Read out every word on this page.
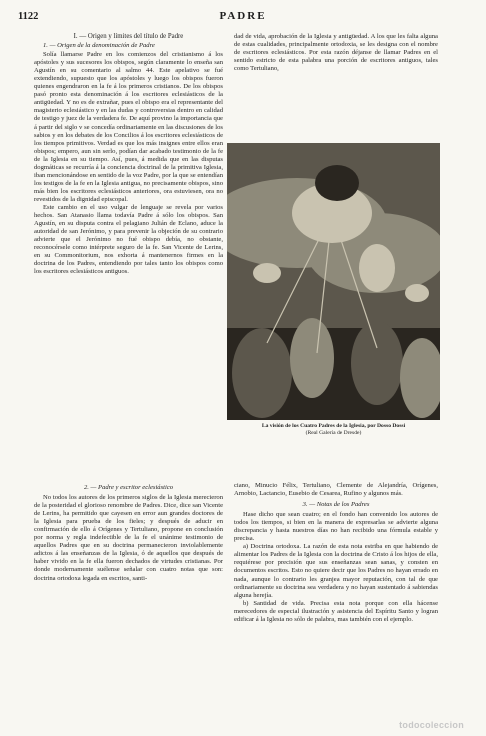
1122	PADRE
I. — Origen y límites del título de Padre
1. — Origen de la denominación de Padre

Solía llamarse Padre en los comienzos del cristianismo á los apóstoles y sus sucesores los obispos, según claramente lo enseña san Agustín en su comentario al salmo 44. Este apelativo se fué extendiendo, supuesto que los apóstoles y luego los obispos fueron quienes engendraron en la fe á los primeros cristianos. De los obispos pasó pronto esta denominación á los escritores eclesiásticos de la antigüedad. Y no es de extrañar, pues el obispo era el representante del magisterio eclesiástico y en las dudas y controversias dentro en calidad de testigo y juez de la verdadera fe. De aquí provino la importancia que á partir del siglo v se concedía ordinariamente en las discusiones de los sabios y en los debates de los Concilios á los escritores eclesiásticos de los tiempos primitivos. Verdad es que los más insignes entre ellos eran obispos; empero, aun sin serlo, podían dar acabado testimonio de la fe de la Iglesia en su tiempo. Así, pues, á medida que en las disputas dogmáticas se recurría á la conciencia doctrinal de la primitiva Iglesia, iban mencionándose en sentido de la voz Padre, por la que se entendían los testigos de la fe en la Iglesia antigua, no precisamente obispos, sino más bien los escritores eclesiásticos anteriores, ora estuviesen, ora no revestidos de la dignidad episcopal.

Este cambio en el uso vulgar de lenguaje se revela por varios hechos. San Atanasio llama todavía Padre á sólo los obispos. San Agustín, en su disputa contra el pelagiano Julián de Eclano, aduce la autoridad de san Jerónimo, y para prevenir la objeción de su contrario advierte que el Jerónimo no fué obispo debía, no obstante, reconocérsele como intérprete seguro de la fe. San Vicente de Lerins, en su Commonitorium, nos exhorta á mantenernos firmes en la doctrina de los Padres, entendiendo por tales tanto los obispos como los escritores eclesiásticos antiguos.

dad de vida, aprobación de la Iglesia y antigüedad. A los que les falta alguna de estas cualidades, principalmente ortodoxia, se les designa con el nombre de escritores eclesiásticos. Por esta razón déjanse de llamar Padres en el sentido estricto de esta palabra una porción de escritores antiguos, tales como Tertuliano,

La visión de los Cuatro Padres de la Iglesia, por Dosso Dossi
(Real Galería de Dresde)
2. — Padre y escritor eclesiástico

No todos los autores de los primeros siglos de la Iglesia merecieron de la posteridad el glorioso renombre de Padres. Dice, dice san Vicente de Lerins, ha permitido que cayesen en error aun grandes doctores de la Iglesia para prueba de los fieles; y después de aducir en confirmación de ello á Orígenes y Tertuliano, propone en conclusión por norma y regla indefectible de la fe el unánime testimonio de aquellos Padres que en su doctrina permanecieron inviolablemente adictos á las enseñanzas de la Iglesia, ó de aquellos que después de haber vivido en la fe ella fueron dechados de virtudes cristianas. Por donde modernamente suélense señalar con cuatro notas que son: doctrina ortodoxa legada en escritos, santi-

ciano, Minucio Félix, Tertuliano, Clemente de Alejandría, Orígenes, Arnobio, Lactancio, Eusebio de Cesarea, Rufino y algunos más.

3. — Notas de los Padres

Hase dicho que sean cuatro; en el fondo han convenido los autores de todos los tiempos, si bien en la manera de expresarlas se advierte alguna discrepancia y hasta nuestros días no han recibido una fórmula estable y precisa.

a) Doctrina ortodoxa. La razón de esta nota estriba en que habiendo de alimentar los Padres de la Iglesia con la doctrina de Cristo á los hijos de ella, requiérese por precisión que sus enseñanzas sean sanas, y consten en documentos escritos. Esto no quiere decir que los Padres no hayan errado en nada, aunque lo contrario les granjea mayor reputación, con tal de que ordinariamente su doctrina sea verdadera y no hayan sustentado á sabiendas alguna herejía.

b) Santidad de vida. Precisa esta nota porque con ella hácense merecedores de especial ilustración y asistencia del Espíritu Santo y logran edificar á la Iglesia no sólo de palabra, mas también con el ejemplo.

todocoleccion
